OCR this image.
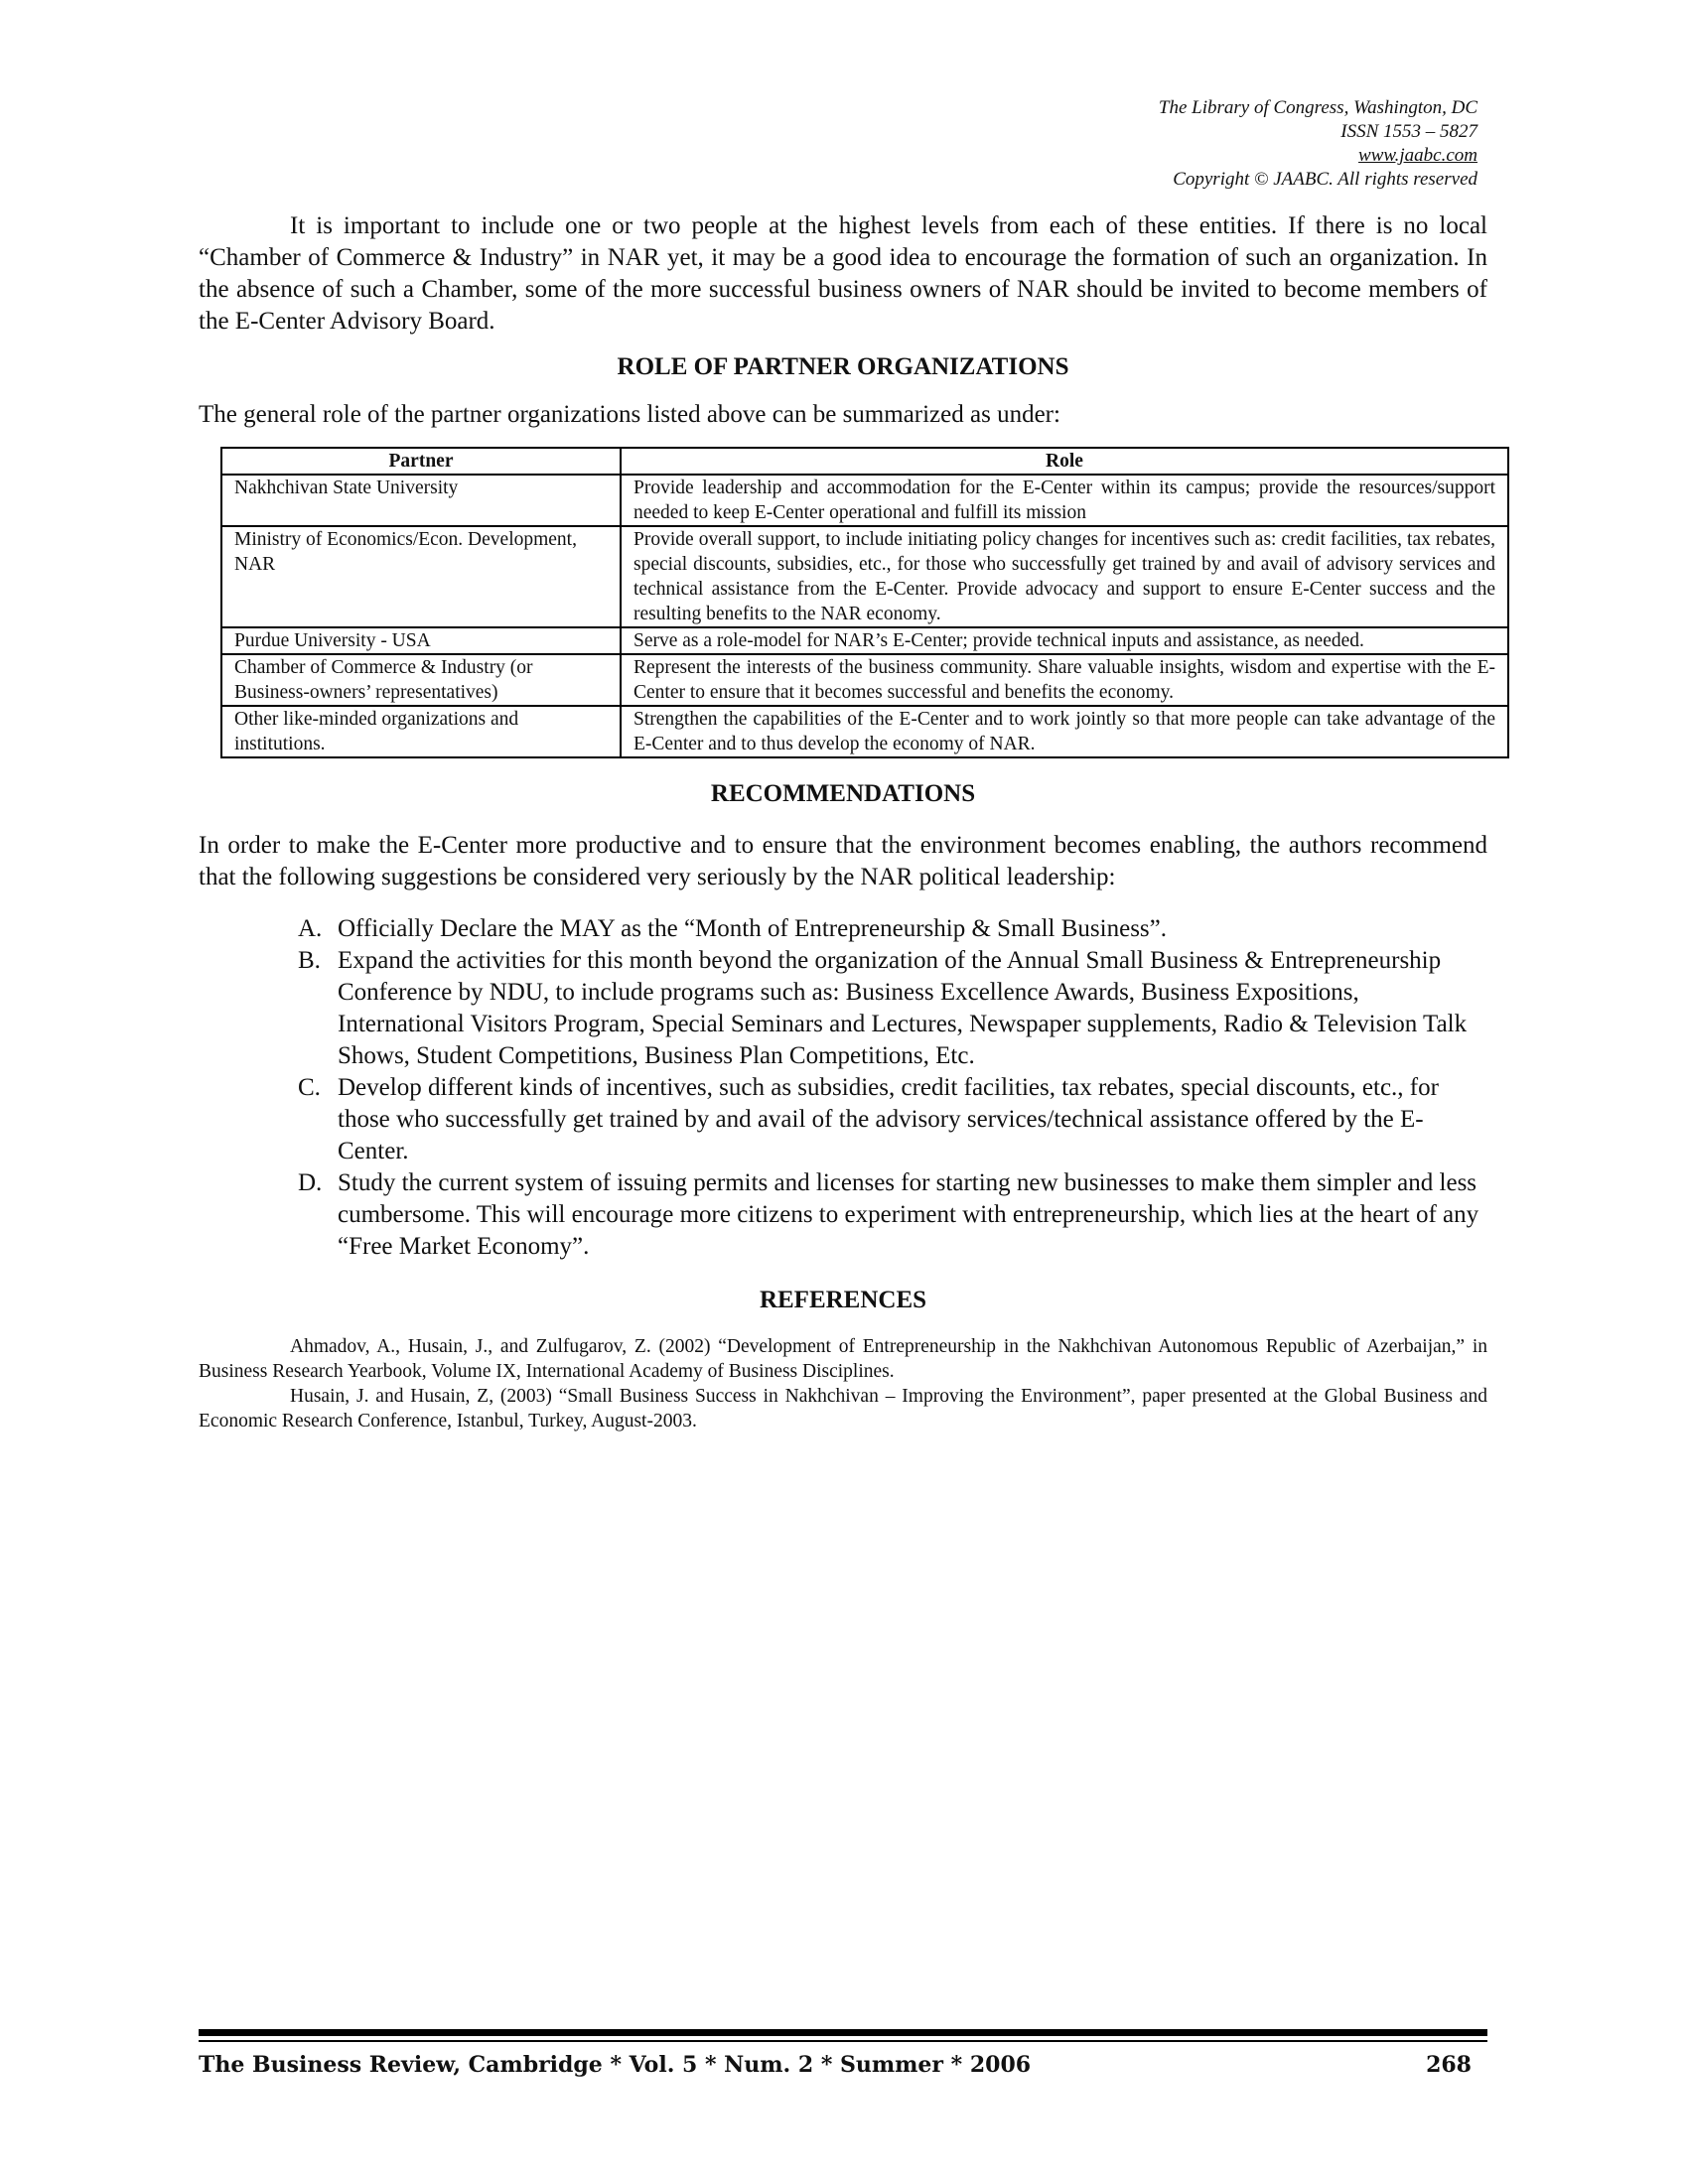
The Library of Congress, Washington, DC
ISSN 1553 – 5827
www.jaabc.com
Copyright © JAABC. All rights reserved

It is important to include one or two people at the highest levels from each of these entities. If there is no local “Chamber of Commerce & Industry” in NAR yet, it may be a good idea to encourage the formation of such an organization. In the absence of such a Chamber, some of the more successful business owners of NAR should be invited to become members of the E-Center Advisory Board.

ROLE OF PARTNER ORGANIZATIONS

The general role of the partner organizations listed above can be summarized as under:

Partner	Role
Nakhchivan State University	Provide leadership and accommodation for the E-Center within its campus; provide the resources/support needed to keep E-Center operational and fulfill its mission
Ministry of Economics/Econ. Development, NAR	Provide overall support, to include initiating policy changes for incentives such as: credit facilities, tax rebates, special discounts, subsidies, etc., for those who successfully get trained by and avail of advisory services and technical assistance from the E-Center. Provide advocacy and support to ensure E-Center success and the resulting benefits to the NAR economy.
Purdue University - USA	Serve as a role-model for NAR’s E-Center; provide technical inputs and assistance, as needed.
Chamber of Commerce & Industry (or Business-owners’ representatives)	Represent the interests of the business community. Share valuable insights, wisdom and expertise with the E-Center to ensure that it becomes successful and benefits the economy.
Other like-minded organizations and institutions.	Strengthen the capabilities of the E-Center and to work jointly so that more people can take advantage of the E-Center and to thus develop the economy of NAR.
RECOMMENDATIONS

In order to make the E-Center more productive and to ensure that the environment becomes enabling, the authors recommend that the following suggestions be considered very seriously by the NAR political leadership:

A. Officially Declare the MAY as the “Month of Entrepreneurship & Small Business”.
B. Expand the activities for this month beyond the organization of the Annual Small Business & Entrepreneurship Conference by NDU, to include programs such as: Business Excellence Awards, Business Expositions, International Visitors Program, Special Seminars and Lectures, Newspaper supplements, Radio & Television Talk Shows, Student Competitions, Business Plan Competitions, Etc.
C. Develop different kinds of incentives, such as subsidies, credit facilities, tax rebates, special discounts, etc., for those who successfully get trained by and avail of the advisory services/technical assistance offered by the E-Center.
D. Study the current system of issuing permits and licenses for starting new businesses to make them simpler and less cumbersome. This will encourage more citizens to experiment with entrepreneurship, which lies at the heart of any “Free Market Economy”.
REFERENCES

Ahmadov, A., Husain, J., and Zulfugarov, Z. (2002) “Development of Entrepreneurship in the Nakhchivan Autonomous Republic of Azerbaijan,” in Business Research Yearbook, Volume IX, International Academy of Business Disciplines.

Husain, J. and Husain, Z, (2003) “Small Business Success in Nakhchivan – Improving the Environment”, paper presented at the Global Business and Economic Research Conference, Istanbul, Turkey, August-2003.

The Business Review, Cambridge * Vol. 5 * Num. 2 * Summer * 2006	268
